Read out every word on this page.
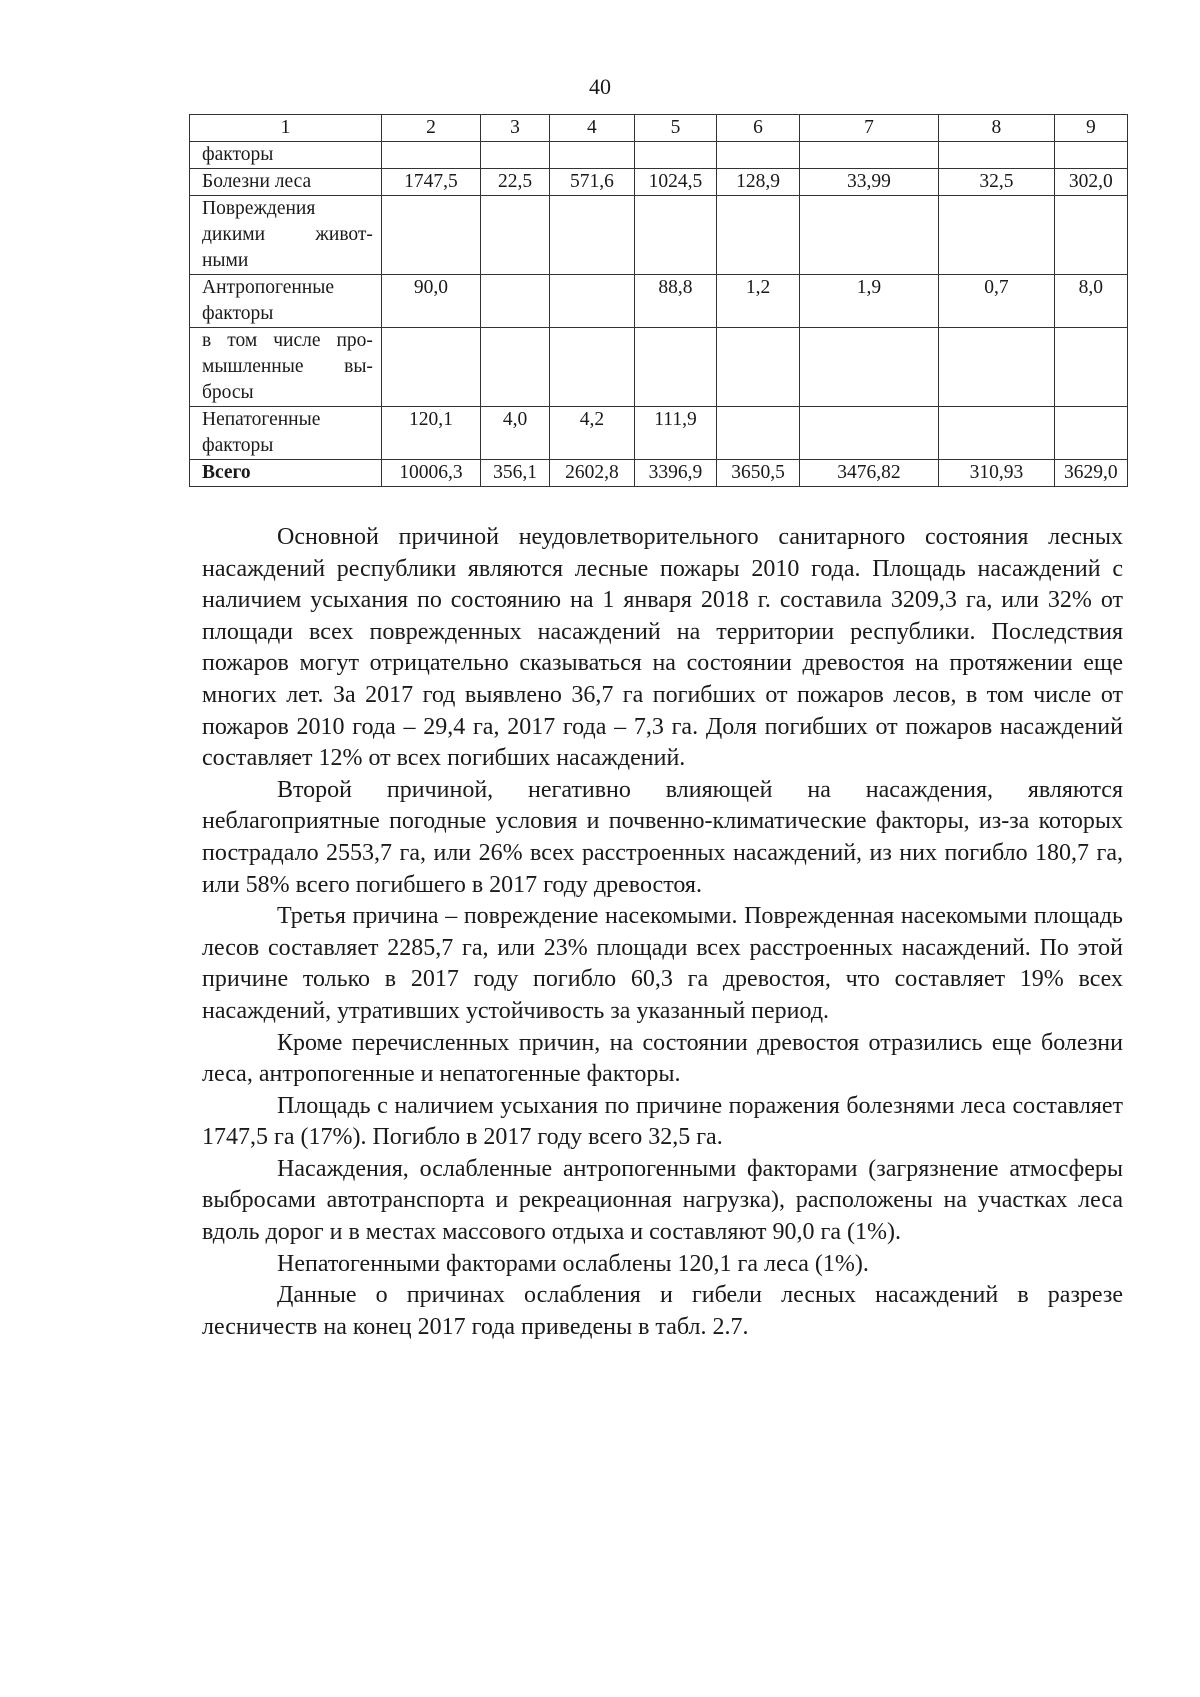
40
1	2	3	4	5	6	7	8	9
факторы								
Болезни леса	1747,5	22,5	571,6	1024,5	128,9	33,99	32,5	302,0
Повреждения дикими живот-ными								
Антропогенные факторы	90,0			88,8	1,2	1,9	0,7	8,0
в том числе про-мышленные вы-бросы								
Непатогенные факторы	120,1	4,0	4,2	111,9				
Всего	10006,3	356,1	2602,8	3396,9	3650,5	3476,82	310,93	3629,0

Основной причиной неудовлетворительного санитарного состояния лесных насаждений республики являются лесные пожары 2010 года. Площадь насаждений с наличием усыхания по состоянию на 1 января 2018 г. составила 3209,3 га, или 32% от площади всех поврежденных насаждений на территории республики. Последствия пожаров могут отрицательно сказываться на состоянии древостоя на протяжении еще многих лет. За 2017 год выявлено 36,7 га погибших от пожаров лесов, в том числе от пожаров 2010 года – 29,4 га, 2017 года – 7,3 га. Доля погибших от пожаров насаждений составляет 12% от всех погибших насаждений.

Второй причиной, негативно влияющей на насаждения, являются неблагоприятные погодные условия и почвенно-климатические факторы, из-за которых пострадало 2553,7 га, или 26% всех расстроенных насаждений, из них погибло 180,7 га, или 58% всего погибшего в 2017 году древостоя.

Третья причина – повреждение насекомыми. Поврежденная насекомыми площадь лесов составляет 2285,7 га, или 23% площади всех расстроенных насаждений. По этой причине только в 2017 году погибло 60,3 га древостоя, что составляет 19% всех насаждений, утративших устойчивость за указанный период.

Кроме перечисленных причин, на состоянии древостоя отразились еще болезни леса, антропогенные и непатогенные факторы.

Площадь с наличием усыхания по причине поражения болезнями леса составляет 1747,5 га (17%). Погибло в 2017 году всего 32,5 га.

Насаждения, ослабленные антропогенными факторами (загрязнение атмосферы выбросами автотранспорта и рекреационная нагрузка), расположены на участках леса вдоль дорог и в местах массового отдыха и составляют 90,0 га (1%).

Непатогенными факторами ослаблены 120,1 га леса (1%).

Данные о причинах ослабления и гибели лесных насаждений в разрезе лесничеств на конец 2017 года приведены в табл. 2.7.
